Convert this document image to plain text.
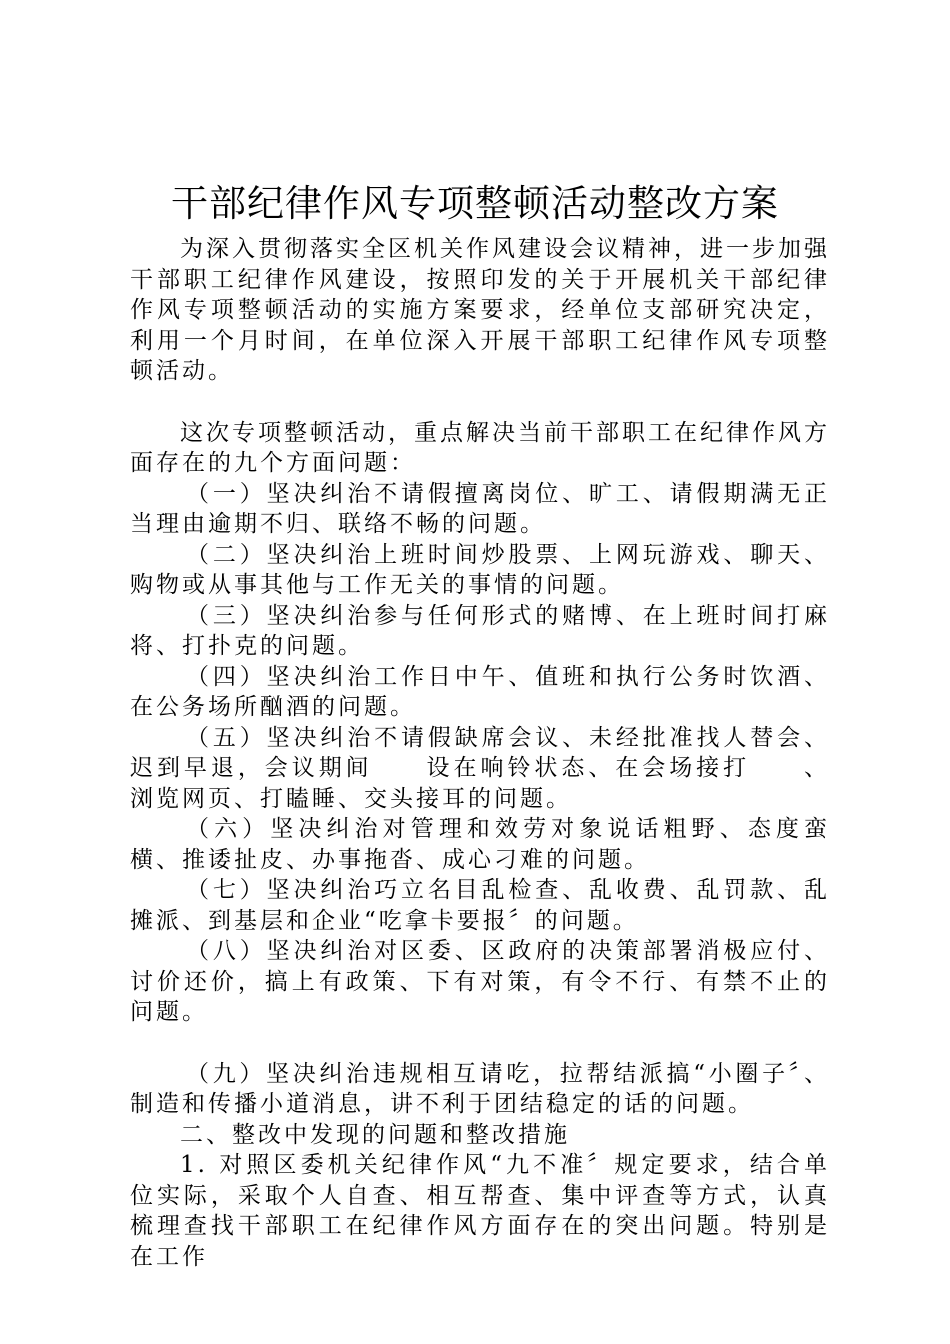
干部纪律作风专项整顿活动整改方案

为深入贯彻落实全区机关作风建设会议精神，进一步加强干部职工纪律作风建设，按照印发的关于开展机关干部纪律作风专项整顿活动的实施方案要求，经单位支部研究决定，利用一个月时间，在单位深入开展干部职工纪律作风专项整顿活动。

这次专项整顿活动，重点解决当前干部职工在纪律作风方面存在的九个方面问题：

（一）坚决纠治不请假擅离岗位、旷工、请假期满无正当理由逾期不归、联络不畅的问题。

（二）坚决纠治上班时间炒股票、上网玩游戏、聊天、购物或从事其他与工作无关的事情的问题。

（三）坚决纠治参与任何形式的赌博、在上班时间打麻将、打扑克的问题。

（四）坚决纠治工作日中午、值班和执行公务时饮酒、在公务场所酗酒的问题。

（五）坚决纠治不请假缺席会议、未经批准找人替会、迟到早退，会议期间　　设在响铃状态、在会场接打　　、浏览网页、打瞌睡、交头接耳的问题。

（六）坚决纠治对管理和效劳对象说话粗野、态度蛮横、推诿扯皮、办事拖沓、成心刁难的问题。

（七）坚决纠治巧立名目乱检查、乱收费、乱罚款、乱摊派、到基层和企业“吃拿卡要报〞的问题。

（八）坚决纠治对区委、区政府的决策部署消极应付、讨价还价，搞上有政策、下有对策，有令不行、有禁不止的问题。

（九）坚决纠治违规相互请吃，拉帮结派搞“小圈子〞、制造和传播小道消息，讲不利于团结稳定的话的问题。

二、整改中发现的问题和整改措施

1. 对照区委机关纪律作风“九不准〞规定要求，结合单位实际，采取个人自查、相互帮查、集中评查等方式，认真梳理查找干部职工在纪律作风方面存在的突出问题。特别是在工作
